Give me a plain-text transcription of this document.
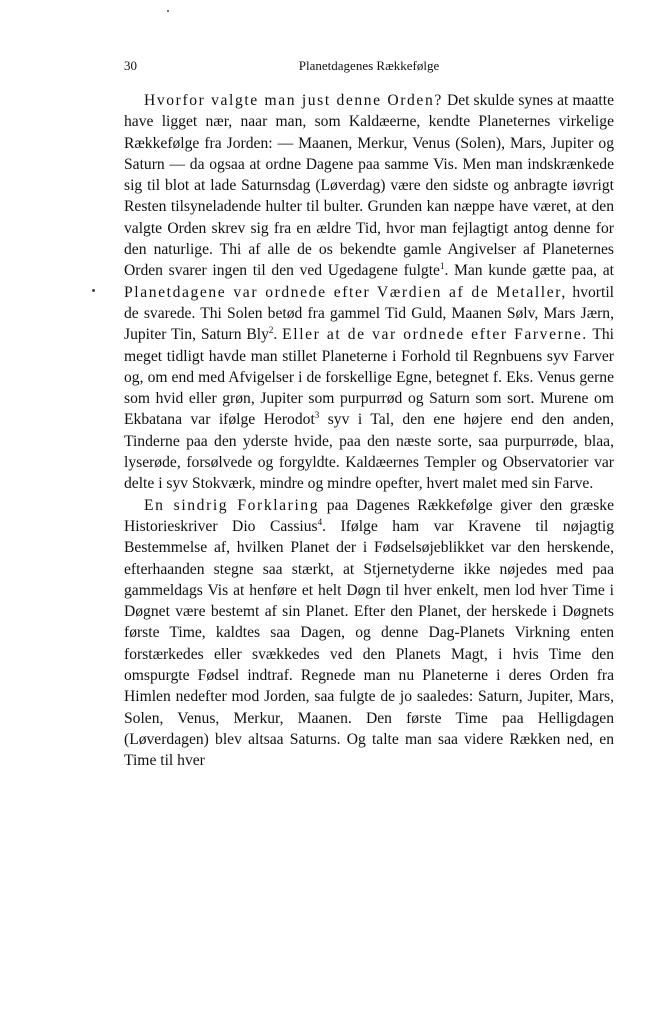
30	Planetdagenes Rækkefølge

Hvorfor valgte man just denne Orden? Det skulde synes at maatte have ligget nær, naar man, som Kaldæerne, kendte Planeternes virkelige Rækkefølge fra Jorden: — Maanen, Merkur, Venus (Solen), Mars, Jupiter og Saturn — da ogsaa at ordne Dagene paa samme Vis. Men man indskrænkede sig til blot at lade Saturnsdag (Løverdag) være den sidste og anbragte iøvrigt Resten tilsyneladende hulter til bulter. Grunden kan næppe have været, at den valgte Orden skrev sig fra en ældre Tid, hvor man fejlagtigt antog denne for den naturlige. Thi af alle de os bekendte gamle Angivelser af Planeternes Orden svarer ingen til den ved Ugedagene fulgte$^1$. Man kunde gætte paa, at Planetdagene var ordnede efter Værdien af de Metaller, hvortil de svarede. Thi Solen betød fra gammel Tid Guld, Maanen Sølv, Mars Jærn, Jupiter Tin, Saturn Bly$^2$. Eller at de var ordnede efter Farverne. Thi meget tidligt havde man stillet Planeterne i Forhold til Regnbuens syv Farver og, om end med Afvigelser i de forskellige Egne, betegnet f. Eks. Venus gerne som hvid eller grøn, Jupiter som purpurrød og Saturn som sort. Murene om Ekbatana var ifølge Herodot$^3$ syv i Tal, den ene højere end den anden, Tinderne paa den yderste hvide, paa den næste sorte, saa purpurrøde, blaa, lyserøde, forsølvede og forgyldte. Kaldæernes Templer og Observatorier var delte i syv Stokværk, mindre og mindre opefter, hvert malet med sin Farve.

En sindrig Forklaring paa Dagenes Rækkefølge giver den græske Historieskriver Dio Cassius$^4$. Ifølge ham var Kravene til nøjagtig Bestemmelse af, hvilken Planet der i Fødselsøjeblikket var den herskende, efterhaanden stegne saa stærkt, at Stjernetyderne ikke nøjedes med paa gammeldags Vis at henføre et helt Døgn til hver enkelt, men lod hver Time i Døgnet være bestemt af sin Planet. Efter den Planet, der herskede i Døgnets første Time, kaldtes saa Dagen, og denne Dag-Planets Virkning enten forstærkedes eller svækkedes ved den Planets Magt, i hvis Time den omspurgte Fødsel indtraf. Regnede man nu Planeterne i deres Orden fra Himlen nedefter mod Jorden, saa fulgte de jo saaledes: Saturn, Jupiter, Mars, Solen, Venus, Merkur, Maanen. Den første Time paa Helligdagen (Løverdagen) blev altsaa Saturns. Og talte man saa videre Rækken ned, en Time til hver
